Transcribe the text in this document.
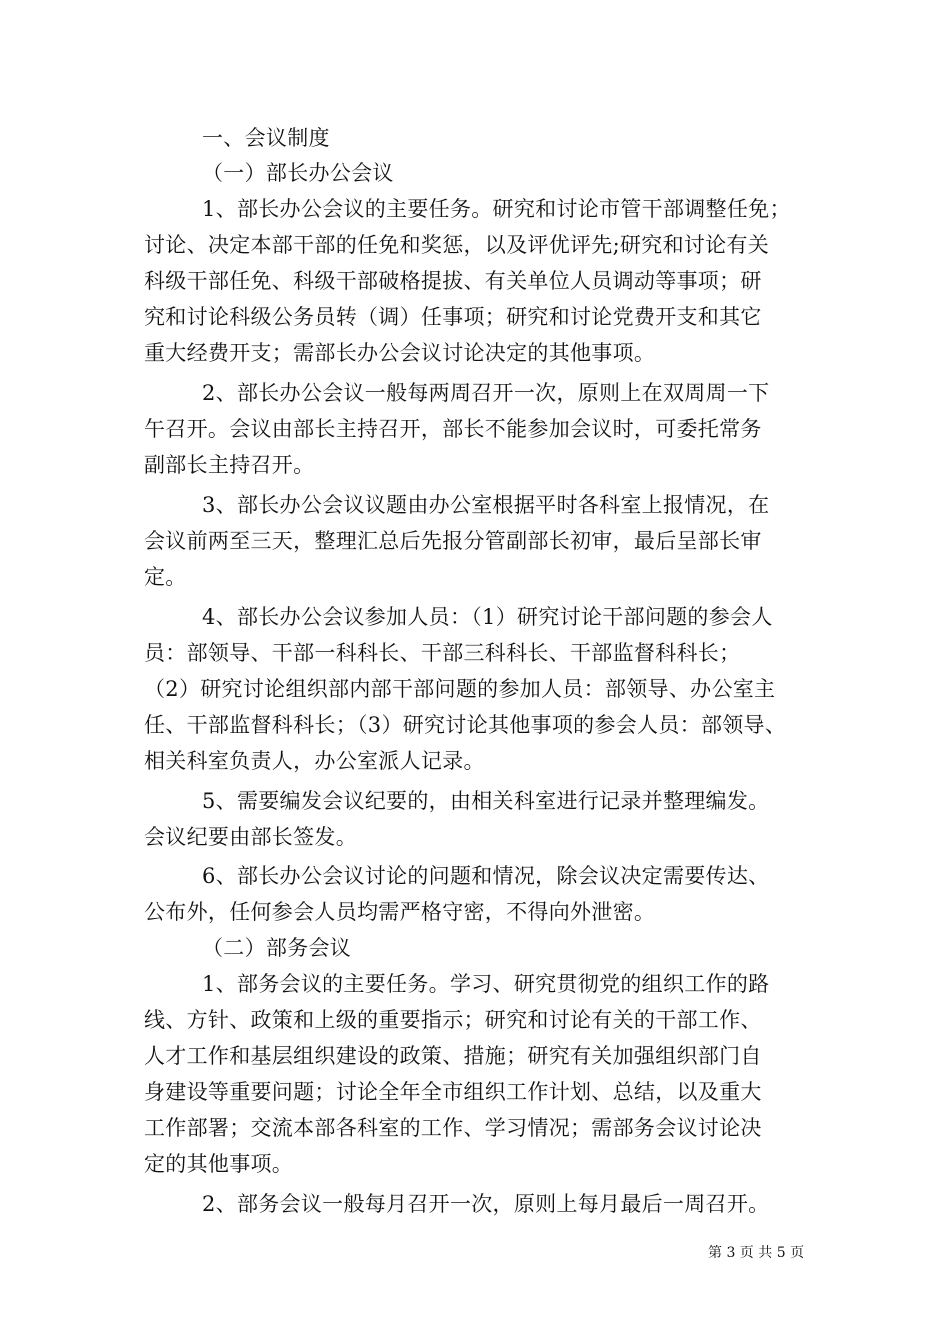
一、会议制度
（一）部长办公会议
1、部长办公会议的主要任务。研究和讨论市管干部调整任免；
讨论、决定本部干部的任免和奖惩，以及评优评先;研究和讨论有关
科级干部任免、科级干部破格提拔、有关单位人员调动等事项；研
究和讨论科级公务员转（调）任事项；研究和讨论党费开支和其它
重大经费开支；需部长办公会议讨论决定的其他事项。
2、部长办公会议一般每两周召开一次，原则上在双周周一下
午召开。会议由部长主持召开，部长不能参加会议时，可委托常务
副部长主持召开。
3、部长办公会议议题由办公室根据平时各科室上报情况，在
会议前两至三天，整理汇总后先报分管副部长初审，最后呈部长审
定。
4、部长办公会议参加人员：（1）研究讨论干部问题的参会人
员：部领导、干部一科科长、干部三科科长、干部监督科科长；
（2）研究讨论组织部内部干部问题的参加人员：部领导、办公室主
任、干部监督科科长；（3）研究讨论其他事项的参会人员：部领导、
相关科室负责人，办公室派人记录。
5、需要编发会议纪要的，由相关科室进行记录并整理编发。
会议纪要由部长签发。
6、部长办公会议讨论的问题和情况，除会议决定需要传达、
公布外，任何参会人员均需严格守密，不得向外泄密。
（二）部务会议
1、部务会议的主要任务。学习、研究贯彻党的组织工作的路
线、方针、政策和上级的重要指示；研究和讨论有关的干部工作、
人才工作和基层组织建设的政策、措施；研究有关加强组织部门自
身建设等重要问题；讨论全年全市组织工作计划、总结，以及重大
工作部署；交流本部各科室的工作、学习情况；需部务会议讨论决
定的其他事项。
2、部务会议一般每月召开一次，原则上每月最后一周召开。
第 3 页 共 5 页
